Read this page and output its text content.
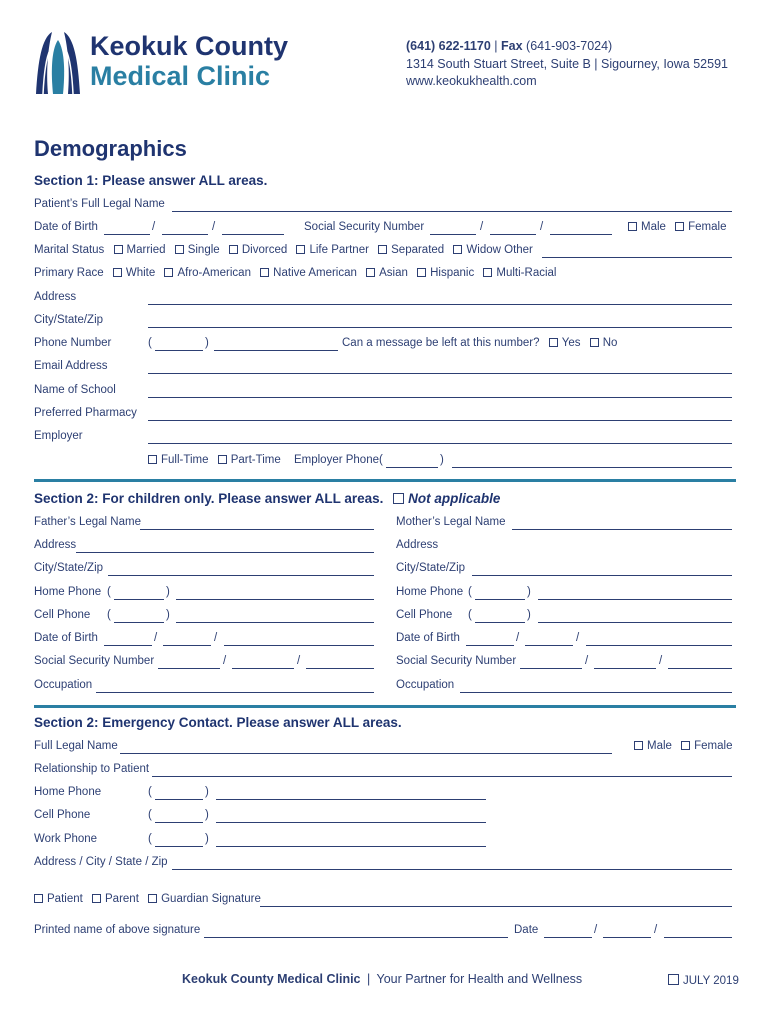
Keokuk County
Medical Clinic
(641) 622-1170 | Fax (641-903-7024)
1314 South Stuart Street, Suite B | Sigourney, Iowa 52591
www.keokukhealth.com
Demographics
Section 1: Please answer ALL areas.
Patient’s Full Legal Name
Date of Birth	/	/	Social Security Number	/	/	Male Female
Marital Status Married Single Divorced Life Partner Separated Widow Other
Primary Race White Afro-American Native American Asian Hispanic Multi-Racial
Address
City/State/Zip
Phone Number	(	)	Can a message be left at this number? Yes No
Email Address
Name of School
Preferred Pharmacy
Employer
Full-Time Part-Time Employer Phone(	)
Section 2: For children only. Please answer ALL areas. Not applicable
Father’s Legal Name
Address
City/State/Zip
Home Phone (	)
Cell Phone (	)
Date of Birth	/	/
Social Security Number	/	/
Occupation
Mother’s Legal Name
Address
City/State/Zip
Home Phone (	)
Cell Phone (	)
Date of Birth	/	/
Social Security Number	/	/
Occupation
Section 2: Emergency Contact. Please answer ALL areas.
Full Legal Name	Male Female
Relationship to Patient
Home Phone	(	)
Cell Phone	(	)
Work Phone	(	)
Address / City / State / Zip
Patient Parent Guardian Signature
Printed name of above signature	Date	/	/
Keokuk County Medical Clinic | Your Partner for Health and Wellness	JULY 2019
